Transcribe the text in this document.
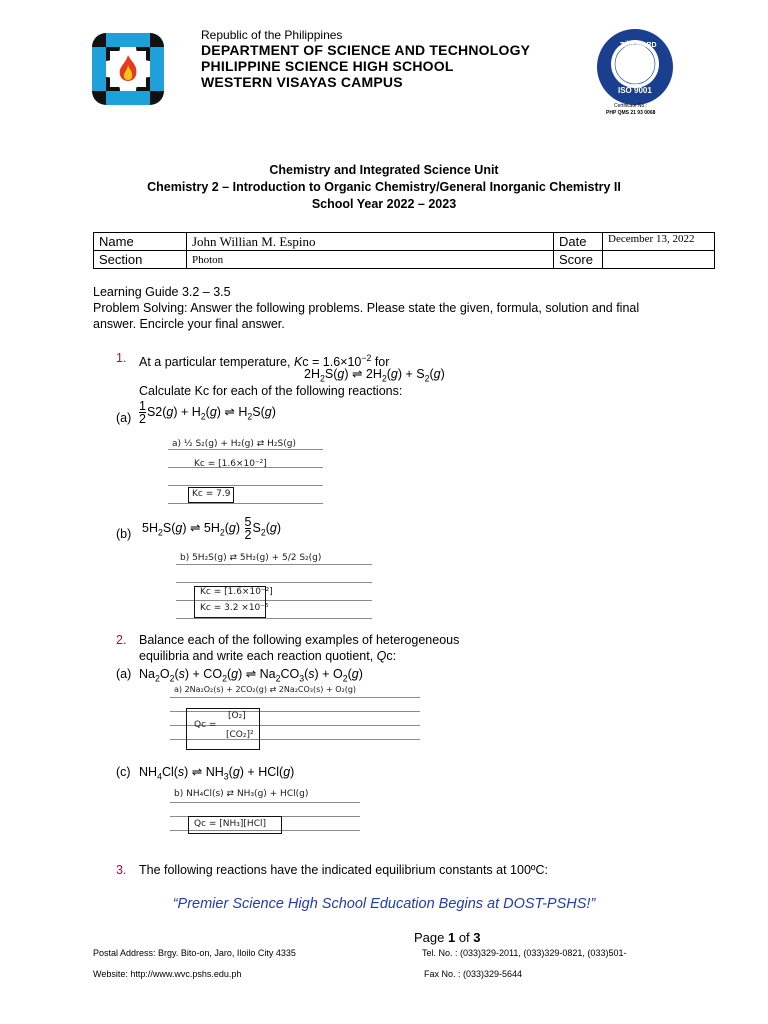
Republic of the Philippines
DEPARTMENT OF SCIENCE AND TECHNOLOGY
PHILIPPINE SCIENCE HIGH SCHOOL
WESTERN VISAYAS CAMPUS
TÜV NORD
ISO 9001
Certificate No.:
PHP QMS 21 93 0068
Chemistry and Integrated Science Unit
Chemistry 2 – Introduction to Organic Chemistry/General Inorganic Chemistry II
School Year 2022 – 2023
Name	John Willian M. Espino	Date	December 13, 2022
Section	Photon	Score	
Learning Guide 3.2 – 3.5
Problem Solving: Answer the following problems. Please state the given, formula, solution and final answer. Encircle your final answer.
1. At a particular temperature, $Kc = 1.6\times 10^{-2}$ for
$2H_2S(g)$ ⇌ $2H_2(g) + S_2(g)$
Calculate Kc for each of the following reactions:
$(a) \frac{1}{2} S2(g) + H_2(g)$ ⇌ $H_2S(g)$
a) ½ S₂(g) + H₂(g) ⇄ H₂S(g)
Kc = [1.6×10⁻²]
Kc = 7.9
(b) $5H_2S(g)$ ⇌ $5H_2(g) \frac{5}{2} S_2(g)$
b) 5H₂S(g) ⇄ 5H₂(g) + 5/2 S₂(g)
Kc = [1.6×10⁻²]
Kc = 3.2 ×10⁻⁵
2. Balance each of the following examples of heterogeneous
equilibria and write each reaction quotient, Qc:
(a) $Na_2O_2(s) + CO_2(g)$ ⇌ $Na_2CO_3(s) + O_2(g)$
a) 2Na₂O₂(s) + 2CO₂(g) ⇄ 2Na₂CO₃(s) + O₂(g)
Qc =
[O₂]
[CO₂]²
(c) $NH_4Cl(s)$ ⇌ $NH_3(g) + HCl(g)$
b) NH₄Cl(s) ⇄ NH₃(g) + HCl(g)
Qc = [NH₃][HCl]
3. The following reactions have the indicated equilibrium constants at 100ºC:
“Premier Science High School Education Begins at DOST-PSHS!”
Page 1 of 3
Postal Address: Brgy. Bito-on, Jaro, Iloilo City 4335
Website: http://www.wvc.pshs.edu.ph
Tel. No. : (033)329-2011, (033)329-0821, (033)501-
Fax No. : (033)329-5644
